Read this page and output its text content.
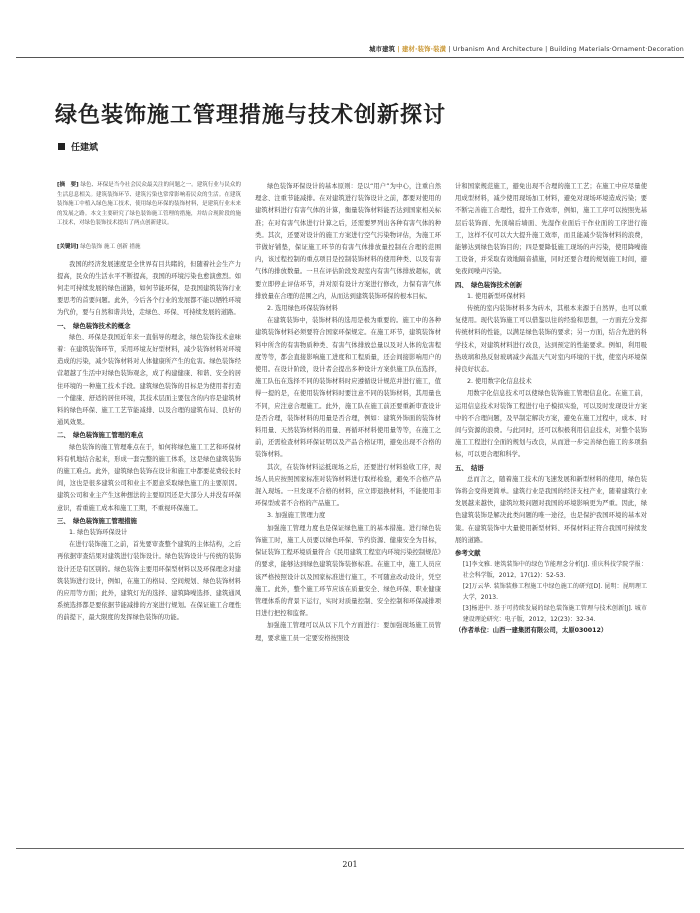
城市建筑 | 建材·装饰·装潢 | Urbanism And Architecture | Building Materials·Ornament·Decoration
绿色装饰施工管理措施与技术创新探讨
任建斌
[摘　要] 绿色、环保是当今社会民众最关注的问题之一。建筑行业与民众的生活息息相关。建筑装饰环节、建筑污染也常常影响着民众的生活。在建筑装饰施工中植入绿色施工技术，使用绿色环保的装饰材料，是建筑行业未来的发展之路。本文主要研究了绿色装饰施工管理的措施，并结合现阶段的施工技术，对绿色装饰技术提出了两点创新建议。
[关键词] 绿色装饰 施工 创新 措施

我国的经济发展速度是全世界有目共睹的，但随着社会生产力提高，民众的生活水平不断提高，我国的环境污染也愈演愈烈。如何走可持续发展的绿色道路，如何节能环保，是我国建筑装饰行业要思考的首要问题。此外，今后各个行业的发展都不能以牺牲环境为代价，要与自然和谐共处，走绿色、环保、可持续发展的道路。

一、　绿色装饰技术的概念

绿色、环保是我国近年来一直倡导的理念，绿色装饰技术意味着：在建筑装饰环节，采用环境友好型材料，减少装饰材料对环境造成的污染，减少装饰材料对人体健康所产生的危害。绿色装饰经营超越了生活中对绿色装饰观念，成了构建健康、和谐、安全的居住环境的一种施工技术手段。建筑绿色装饰的目标是为使用者打造一个健康、舒适的居住环境，其技术层面主要包含的内容是建筑材料的绿色环保、施工工艺节能减排、以及合理的建筑布局、良好的通风效果。

二、　绿色装饰施工管理的难点

绿色装饰的施工管理难点在于，如何将绿色施工工艺和环保材料有机地结合起来，形成一套完整的施工体系，这是绿色建筑装饰的施工难点。此外，建筑绿色装饰在设计和施工中都要花费较长时间，这也是很多建筑公司和业主不愿意采取绿色施工的主要原因。建筑公司和业主产生这种想法的主要原因还是大部分人并没有环保意识，看重施工成本和施工工期，不重视环保施工。

三、　绿色装饰施工管理措施

1. 绿色装饰环保设计

在进行装饰施工之前，首先要审查整个建筑的主体结构，之后再依据审查结果对建筑进行装饰设计。绿色装饰设计与传统的装饰设计还是有区别的。绿色装饰主要用环保型材料以及环保理念对建筑装饰进行设计，例如，在施工的格局、空间规划、绿色装饰材料的应用等方面；此外，建筑灯光的选择、建筑降噪选择、建筑通风系统选择都是要依据节能减排的方案进行规划。在保证施工合理性的前提下，最大限度的发挥绿色装饰的功能。

绿色装饰环保设计的基本原则：是以“用户”为中心，注重自然理念、注重节能减排。在对建筑进行装饰设计之前，都要对使用的建筑材料进行有害气体的计算，衡量装饰材料能否达到国家相关标准；在对有害气体进行计算之后，还需要罗列出各种有害气体的种类。其次，还要对设计的施工方案进行空气污染物评估，为施工环节做好铺垫，保证施工环节的有害气体排放量控制在合理的范围内，该过程控制的重点项目是控制装饰材料的使用种类、以及有害气体的排放数量。一旦在评估阶段发现室内有害气体排放超标，就要立即停止评估环节，并对原有设计方案进行修改，力保有害气体排放量在合理的范围之内，从而达到建筑装饰环保的根本目标。

2. 选用绿色环保装饰材料

在建筑装饰中，装饰材料的选用是极为重要的。施工中的各种建筑装饰材料必须要符合国家环保规定。在施工环节，建筑装饰材料中所含的有害物质种类、有害气体排放总量以及对人体的危害程度等等，都会直接影响施工进度和工程质量，还会间接影响用户的使用。在设计阶段，设计者会提出多种设计方案供施工队伍选择，施工队伍在选择不同的装饰材料时应遵循设计规范并进行施工，值得一提的是，在使用装饰材料时要注意不同的装饰材料，其用量也不同，应注意合理施工。此外，施工队在施工前还要重新审查设计是否合理，装饰材料的用量是否合理，例如：建筑外饰面的装饰材料用量、天然装饰材料的用量、再循环材料使用量等等，在施工之前，还需检查材料环保证明以及产品合格证明，避免出现不合格的装饰材料。

其次，在装饰材料运抵现场之后，还要进行材料验收工序，现场人员应按照国家标准对装饰材料进行取样检验，避免不合格产品混入现场。一旦发现不合格的材料，应立即退换材料，不能使用非环保型或者不合格的产品施工。

3. 加强施工管理力度

加强施工管理力度也是保证绿色施工的基本措施。进行绿色装饰施工时，施工人员要以绿色环保、节约资源、健康安全为目标，保证装饰工程环境质量符合《民用建筑工程室内环境污染控制规范》的要求，能够达到绿色建筑装饰装修标准。在施工中，施工人员应该严格按照设计以及国家标准进行施工，不可随意改动设计，凭空施工。此外，整个施工环节应该在质量安全、绿色环保、职业健康管理体系的背景下运行，实时对质量控制、安全控制和环保减排项目进行把控和监督。

加强施工管理可以从以下几个方面进行：要加强现场施工员管理，要求施工员一定要安格按照设

计和国家规范施工，避免出现不合理的施工工艺；在施工中应尽量使用成型材料，减少使用现场加工材料，避免对现场环境造成污染；要不断完善施工合理性，提升工作效率，例如，施工工序可以按照先基层后装饰面、先顶端后墙面、先湿作业面后干作业面的工序进行施工，这样不仅可以大大提升施工效率，而且能减少装饰材料的浪费，能够达到绿色装饰目的；四是要降低施工现场的声污染，使用降噪施工设备，并采取有效地隔音措施，同时还要合理的规划施工时间，避免夜间噪声污染。

四、　绿色装饰技术创新

1. 使用新型环保材料

传统的室内装饰材料多为砖木，其根本来源于自然界，也可以重复使用。现代装饰施工可以借鉴以往的经验和思想，一方面充分发挥传统材料的性能，以满足绿色装饰的要求；另一方面，结合先进的科学技术，对建筑材料进行改良，达到预定的性能要求。例如，利用吸热玻璃和热反射玻璃减少高温天气对室内环境的干扰，使室内环境保持良好状态。

2. 使用数字化信息技术

用数字化信息技术可以使绿色装饰施工管理信息化。在施工前，运用信息技术对装饰工程进行电子模拟实验，可以及时发现设计方案中的不合理问题，及早制定解决方案，避免在施工过程中，成本、时间与资源的浪费。与此同时，还可以积极利用信息技术，对整个装饰施工工程进行全面的规划与改良，从而进一步完善绿色施工的多项指标，可以更合理和科学。

五、　结语

总而言之，随着施工技术的飞速发展和新型材料的使用，绿色装饰将会变得更简单。建筑行业是我国的经济支柱产业，随着建筑行业发展越来越快，建筑垃圾问题对我国的环境影响更为严重。因此，绿色建筑装饰是解决此类问题的唯一途径，也是保护我国环境的基本对策。在建筑装饰中大量使用新型材料、环保材料正符合我国可持续发展的道路。

参考文献

[1]李文雅. 建筑装饰中的绿色节能理念分析[J]. 重庆科技学院学报：社会科学版，2012，17(12)：52-53.

[2]万云华. 装饰装修工程施工中绿色施工的研究[D]. 昆明：昆明理工大学，2013.

[3]杨进中. 基于可持续发展的绿色装饰施工管理与技术创新[J]. 城市建设理论研究：电子版，2012，12(23)：32-34.

（作者单位：山西一建集团有限公司，太原030012）
201
